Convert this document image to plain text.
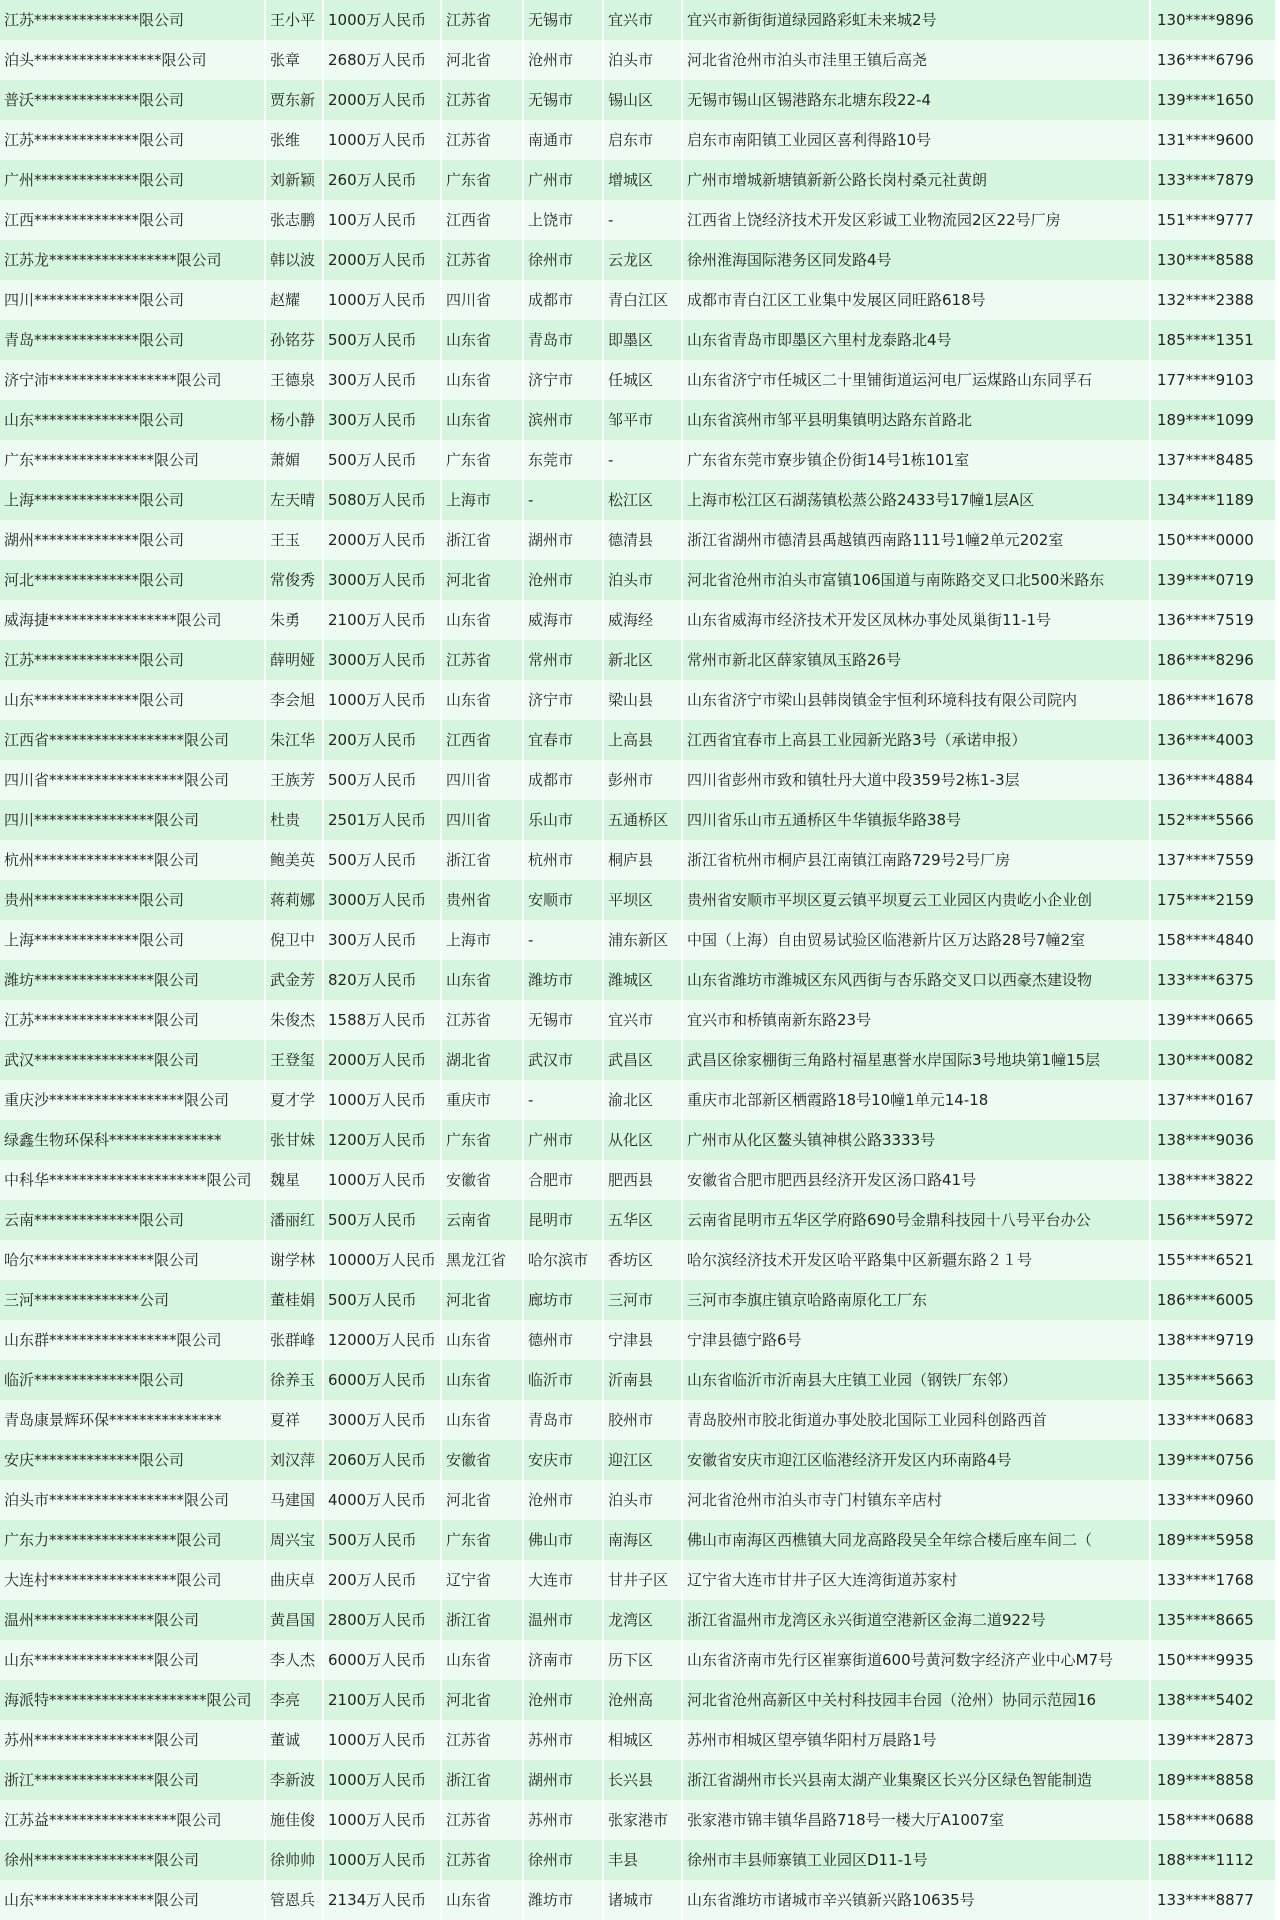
江苏**************限公司	王小平	1000万人民币	江苏省	无锡市	宜兴市	宜兴市新街街道绿园路彩虹未来城2号	130****9896
泊头*****************限公司	张章	2680万人民币	河北省	沧州市	泊头市	河北省沧州市泊头市洼里王镇后高尧	136****6796
普沃**************限公司	贾东新	2000万人民币	江苏省	无锡市	锡山区	无锡市锡山区锡港路东北塘东段22-4	139****1650
江苏**************限公司	张维	1000万人民币	江苏省	南通市	启东市	启东市南阳镇工业园区喜利得路10号	131****9600
广州**************限公司	刘新颖	260万人民币	广东省	广州市	增城区	广州市增城新塘镇新新公路长岗村桑元社黄朗	133****7879
江西**************限公司	张志鹏	100万人民币	江西省	上饶市	-	江西省上饶经济技术开发区彩诚工业物流园2区22号厂房	151****9777
江苏龙*****************限公司	韩以波	2000万人民币	江苏省	徐州市	云龙区	徐州淮海国际港务区同发路4号	130****8588
四川**************限公司	赵耀	1000万人民币	四川省	成都市	青白江区	成都市青白江区工业集中发展区同旺路618号	132****2388
青岛**************限公司	孙铭芬	500万人民币	山东省	青岛市	即墨区	山东省青岛市即墨区六里村龙泰路北4号	185****1351
济宁沛*****************限公司	王德泉	300万人民币	山东省	济宁市	任城区	山东省济宁市任城区二十里铺街道运河电厂运煤路山东同孚石	177****9103
山东**************限公司	杨小静	300万人民币	山东省	滨州市	邹平市	山东省滨州市邹平县明集镇明达路东首路北	189****1099
广东****************限公司	萧媚	500万人民币	广东省	东莞市	-	广东省东莞市寮步镇企份街14号1栋101室	137****8485
上海**************限公司	左天晴	5080万人民币	上海市	-	松江区	上海市松江区石湖荡镇松蒸公路2433号17幢1层A区	134****1189
湖州**************限公司	王玉	2000万人民币	浙江省	湖州市	德清县	浙江省湖州市德清县禹越镇西南路111号1幢2单元202室	150****0000
河北**************限公司	常俊秀	3000万人民币	河北省	沧州市	泊头市	河北省沧州市泊头市富镇106国道与南陈路交叉口北500米路东	139****0719
威海捷*****************限公司	朱勇	2100万人民币	山东省	威海市	威海经	山东省威海市经济技术开发区凤林办事处凤巢街11-1号	136****7519
江苏**************限公司	薛明娅	3000万人民币	江苏省	常州市	新北区	常州市新北区薛家镇凤玉路26号	186****8296
山东**************限公司	李会旭	1000万人民币	山东省	济宁市	梁山县	山东省济宁市梁山县韩岗镇金宇恒利环境科技有限公司院内	186****1678
江西省******************限公司	朱江华	200万人民币	江西省	宜春市	上高县	江西省宜春市上高县工业园新光路3号（承诺申报）	136****4003
四川省******************限公司	王族芳	500万人民币	四川省	成都市	彭州市	四川省彭州市致和镇牡丹大道中段359号2栋1-3层	136****4884
四川****************限公司	杜贵	2501万人民币	四川省	乐山市	五通桥区	四川省乐山市五通桥区牛华镇振华路38号	152****5566
杭州****************限公司	鲍美英	500万人民币	浙江省	杭州市	桐庐县	浙江省杭州市桐庐县江南镇江南路729号2号厂房	137****7559
贵州**************限公司	蒋莉娜	3000万人民币	贵州省	安顺市	平坝区	贵州省安顺市平坝区夏云镇平坝夏云工业园区内贵屹小企业创	175****2159
上海**************限公司	倪卫中	300万人民币	上海市	-	浦东新区	中国（上海）自由贸易试验区临港新片区万达路28号7幢2室	158****4840
潍坊****************限公司	武金芳	820万人民币	山东省	潍坊市	潍城区	山东省潍坊市潍城区东风西街与杏乐路交叉口以西豪杰建设物	133****6375
江苏****************限公司	朱俊杰	1588万人民币	江苏省	无锡市	宜兴市	宜兴市和桥镇南新东路23号	139****0665
武汉****************限公司	王登玺	2000万人民币	湖北省	武汉市	武昌区	武昌区徐家棚街三角路村福星惠誉水岸国际3号地块第1幢15层	130****0082
重庆沙******************限公司	夏才学	1000万人民币	重庆市	-	渝北区	重庆市北部新区栖霞路18号10幢1单元14-18	137****0167
绿鑫生物环保科***************	张甘妹	1200万人民币	广东省	广州市	从化区	广州市从化区鳌头镇神棋公路3333号	138****9036
中科华*********************限公司	魏星	1000万人民币	安徽省	合肥市	肥西县	安徽省合肥市肥西县经济开发区汤口路41号	138****3822
云南**************限公司	潘丽红	500万人民币	云南省	昆明市	五华区	云南省昆明市五华区学府路690号金鼎科技园十八号平台办公	156****5972
哈尔****************限公司	谢学林	10000万人民币	黑龙江省	哈尔滨市	香坊区	哈尔滨经济技术开发区哈平路集中区新疆东路２１号	155****6521
三河**************公司	董桂娟	500万人民币	河北省	廊坊市	三河市	三河市李旗庄镇京哈路南原化工厂东	186****6005
山东群*****************限公司	张群峰	12000万人民币	山东省	德州市	宁津县	宁津县德宁路6号	138****9719
临沂**************限公司	徐养玉	6000万人民币	山东省	临沂市	沂南县	山东省临沂市沂南县大庄镇工业园（钢铁厂东邻）	135****5663
青岛康景辉环保***************	夏祥	3000万人民币	山东省	青岛市	胶州市	青岛胶州市胶北街道办事处胶北国际工业园科创路西首	133****0683
安庆**************限公司	刘汉萍	2060万人民币	安徽省	安庆市	迎江区	安徽省安庆市迎江区临港经济开发区内环南路4号	139****0756
泊头市******************限公司	马建国	4000万人民币	河北省	沧州市	泊头市	河北省沧州市泊头市寺门村镇东辛店村	133****0960
广东力*****************限公司	周兴宝	500万人民币	广东省	佛山市	南海区	佛山市南海区西樵镇大同龙高路段吴全年综合楼后座车间二（	189****5958
大连村*****************限公司	曲庆卓	200万人民币	辽宁省	大连市	甘井子区	辽宁省大连市甘井子区大连湾街道苏家村	133****1768
温州****************限公司	黄昌国	2800万人民币	浙江省	温州市	龙湾区	浙江省温州市龙湾区永兴街道空港新区金海二道922号	135****8665
山东****************限公司	李人杰	6000万人民币	山东省	济南市	历下区	山东省济南市先行区崔寨街道600号黄河数字经济产业中心M7号	150****9935
海派特*********************限公司	李亮	2100万人民币	河北省	沧州市	沧州高	河北省沧州高新区中关村科技园丰台园（沧州）协同示范园16	138****5402
苏州****************限公司	董诚	1000万人民币	江苏省	苏州市	相城区	苏州市相城区望亭镇华阳村万晨路1号	139****2873
浙江****************限公司	李新波	1000万人民币	浙江省	湖州市	长兴县	浙江省湖州市长兴县南太湖产业集聚区长兴分区绿色智能制造	189****8858
江苏益*****************限公司	施佳俊	1000万人民币	江苏省	苏州市	张家港市	张家港市锦丰镇华昌路718号一楼大厅A1007室	158****0688
徐州****************限公司	徐帅帅	1000万人民币	江苏省	徐州市	丰县	徐州市丰县师寨镇工业园区D11-1号	188****1112
山东****************限公司	管恩兵	2134万人民币	山东省	潍坊市	诸城市	山东省潍坊市诸城市辛兴镇新兴路10635号	133****8877
